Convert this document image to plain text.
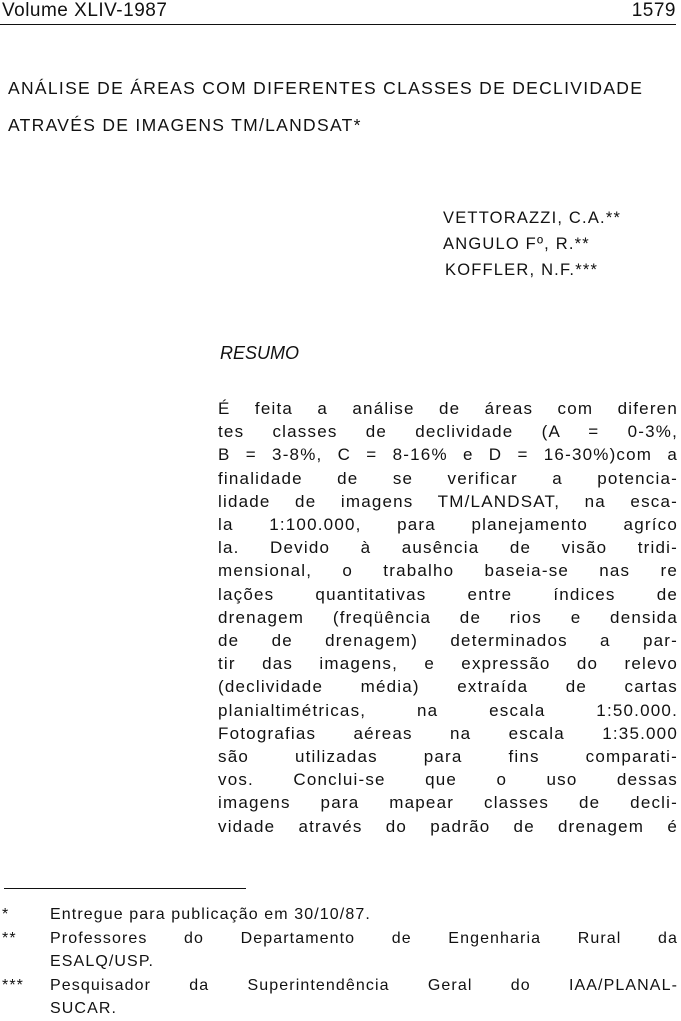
Volume XLIV-1987	1579
ANÁLISE DE ÁREAS COM DIFERENTES CLASSES DE DECLIVIDADE
ATRAVÉS DE IMAGENS TM/LANDSAT*
VETTORAZZI, C.A.**
ANGULO Fº, R.**
KOFFLER, N.F.***
RESUMO
É feita a análise de áreas com diferen
tes classes de declividade (A = 0-3%,
B = 3-8%, C = 8-16% e D = 16-30%)com a
finalidade de se verificar a potencia-
lidade de imagens TM/LANDSAT, na esca-
la 1:100.000, para planejamento agríco
la. Devido à ausência de visão tridi-
mensional, o trabalho baseia-se nas re
lações quantitativas entre índices de
drenagem (freqüência de rios e densida
de de drenagem) determinados a par-
tir das imagens, e expressão do relevo
(declividade média) extraída de cartas
planialtimétricas, na escala 1:50.000.
Fotografias aéreas na escala 1:35.000
são utilizadas para fins comparati-
vos. Conclui-se que o uso dessas
imagens para mapear classes de decli-
vidade através do padrão de drenagem é
*	Entregue para publicação em 30/10/87.
** Professores do Departamento de Engenharia Rural da
ESALQ/USP.
*** Pesquisador da Superintendência Geral do IAA/PLANAL-
SUCAR.
